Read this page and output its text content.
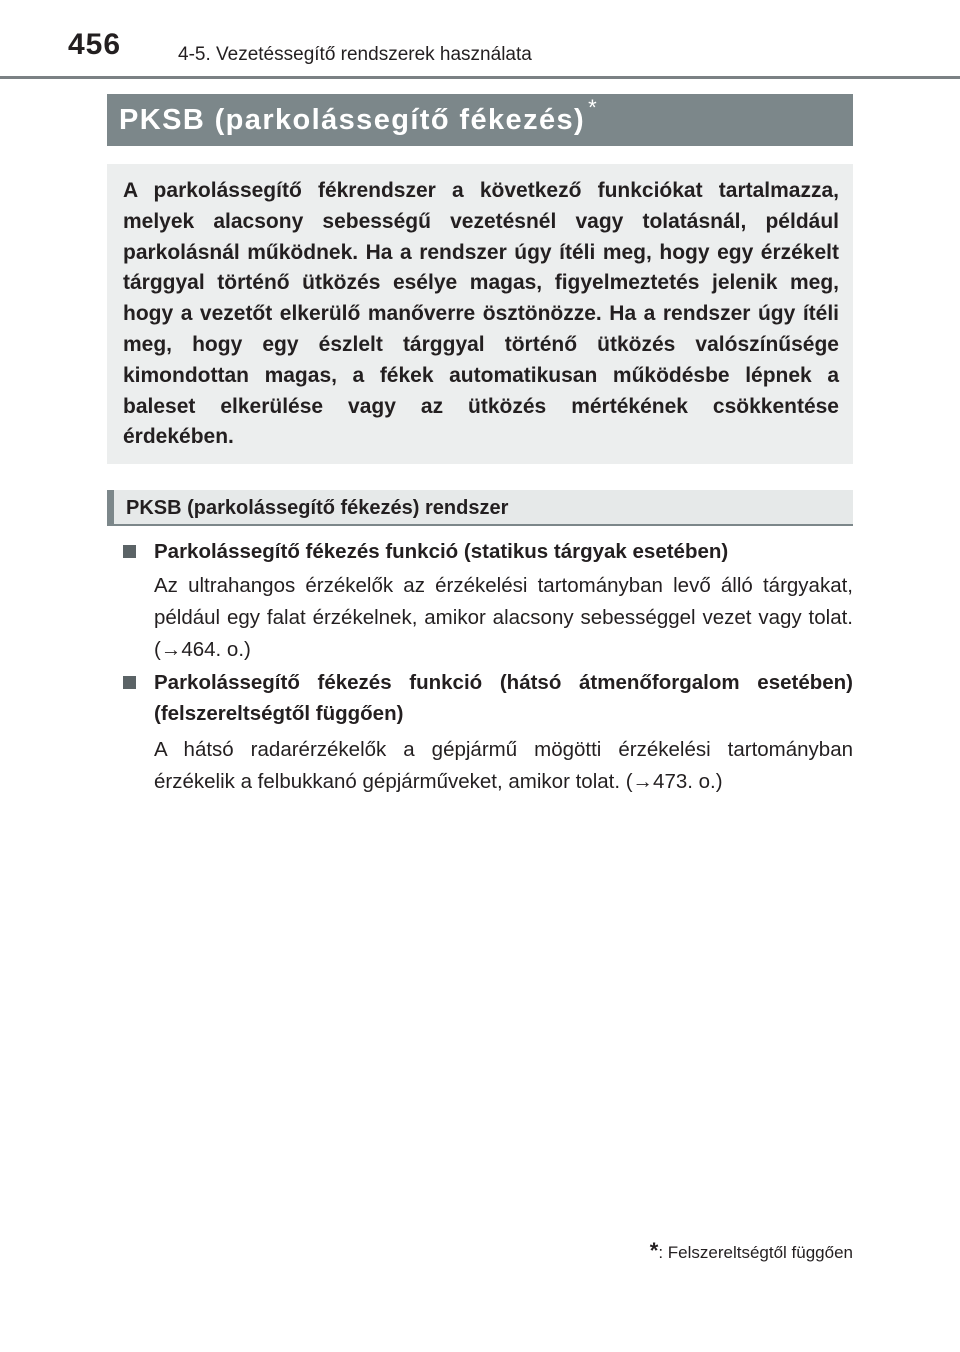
456	4-5. Vezetéssegítő rendszerek használata
PKSB (parkolássegítő fékezés) *

A parkolássegítő fékrendszer a következő funkciókat tartalmazza, melyek alacsony sebességű vezetésnél vagy tolatásnál, például parkolásnál működnek. Ha a rendszer úgy ítéli meg, hogy egy érzékelt tárggyal történő ütközés esélye magas, figyelmeztetés jelenik meg, hogy a vezetőt elkerülő manőverre ösztönözze. Ha a rendszer úgy ítéli meg, hogy egy észlelt tárggyal történő ütközés valószínűsége kimondottan magas, a fékek automatikusan működésbe lépnek a baleset elkerülése vagy az ütközés mértékének csökkentése érdekében.

PKSB (parkolássegítő fékezés) rendszer
Parkolássegítő fékezés funkció (statikus tárgyak esetében)

Az ultrahangos érzékelők az érzékelési tartományban levő álló tárgyakat, például egy falat érzékelnek, amikor alacsony sebességgel vezet vagy tolat. (→464. o.)

Parkolássegítő fékezés funkció (hátsó átmenőforgalom esetében) (felszereltségtől függően)

A hátsó radarérzékelők a gépjármű mögötti érzékelési tartományban érzékelik a felbukkanó gépjárműveket, amikor tolat. (→473. o.)

*: Felszereltségtől függően
